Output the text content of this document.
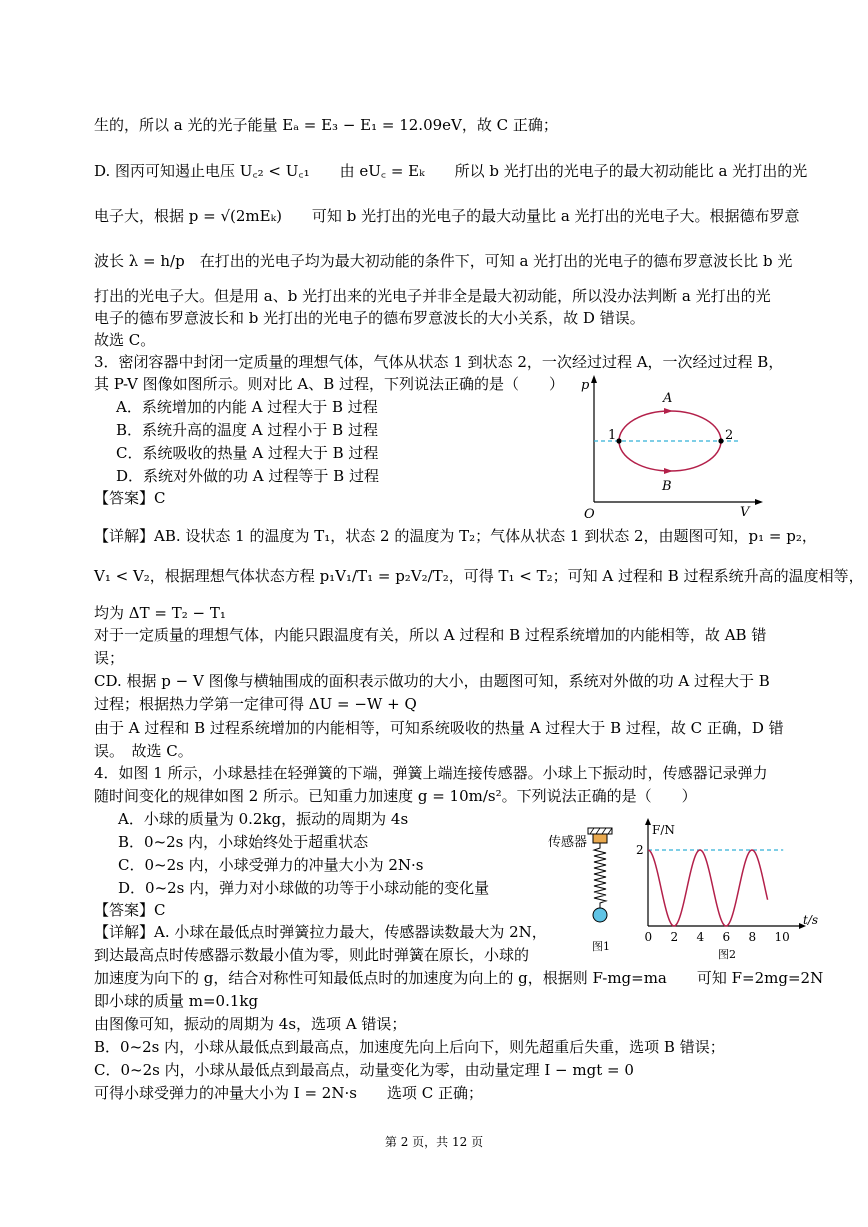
生的，所以 a 光的光子能量 Eₐ = E₃ − E₁ = 12.09eV，故 C 正确；
D. 图丙可知遏止电压 U꜀₂ < U꜀₁　　由 eU꜀ = Eₖ　　所以 b 光打出的光电子的最大初动能比 a 光打出的光
电子大，根据 p = √(2mEₖ)　　可知 b 光打出的光电子的最大动量比 a 光打出的光电子大。根据德布罗意
波长 λ = h/p　在打出的光电子均为最大初动能的条件下，可知 a 光打出的光电子的德布罗意波长比 b 光
打出的光电子大。但是用 a、b 光打出来的光电子并非全是最大初动能，所以没办法判断 a 光打出的光
电子的德布罗意波长和 b 光打出的光电子的德布罗意波长的大小关系，故 D 错误。
故选 C。
3．密闭容器中封闭一定质量的理想气体，气体从状态 1 到状态 2，一次经过过程 A，一次经过过程 B，
其 P-V 图像如图所示。则对比 A、B 过程，下列说法正确的是（　　）
A．系统增加的内能 A 过程大于 B 过程
B．系统升高的温度 A 过程小于 B 过程
C．系统吸收的热量 A 过程大于 B 过程
D．系统对外做的功 A 过程等于 B 过程
【答案】C
【详解】AB. 设状态 1 的温度为 T₁，状态 2 的温度为 T₂；气体从状态 1 到状态 2，由题图可知，p₁ = p₂，
V₁ < V₂，根据理想气体状态方程 p₁V₁/T₁ = p₂V₂/T₂，可得 T₁ < T₂；可知 A 过程和 B 过程系统升高的温度相等，
均为 ΔT = T₂ − T₁
对于一定质量的理想气体，内能只跟温度有关，所以 A 过程和 B 过程系统增加的内能相等，故 AB 错
误；
CD. 根据 p − V 图像与横轴围成的面积表示做功的大小，由题图可知，系统对外做的功 A 过程大于 B
过程；根据热力学第一定律可得 ΔU = −W + Q
由于 A 过程和 B 过程系统增加的内能相等，可知系统吸收的热量 A 过程大于 B 过程，故 C 正确，D 错
误。　故选 C。
4．如图 1 所示，小球悬挂在轻弹簧的下端，弹簧上端连接传感器。小球上下振动时，传感器记录弹力
随时间变化的规律如图 2 所示。已知重力加速度 g = 10m/s²。下列说法正确的是（　　）
A．小球的质量为 0.2kg，振动的周期为 4s
B．0~2s 内，小球始终处于超重状态
C．0~2s 内，小球受弹力的冲量大小为 2N·s
D．0~2s 内，弹力对小球做的功等于小球动能的变化量
【答案】C
【详解】A. 小球在最低点时弹簧拉力最大，传感器读数最大为 2N，
到达最高点时传感器示数最小值为零，则此时弹簧在原长，小球的
加速度为向下的 g，结合对称性可知最低点时的加速度为向上的 g，根据则 F-mg=ma　　可知 F=2mg=2N
即小球的质量 m=0.1kg
由图像可知，振动的周期为 4s，选项 A 错误；
B．0~2s 内，小球从最低点到最高点，加速度先向上后向下，则先超重后失重，选项 B 错误；
C．0~2s 内，小球从最低点到最高点，动量变化为零，由动量定理 I − mgt = 0
可得小球受弹力的冲量大小为 I = 2N·s　　选项 C 正确；
p
V
O
A
B
1	2
传感器
图1
0 2 4 6 8 10
2
F/N
t/s
图2
第 2 页，共 12 页
